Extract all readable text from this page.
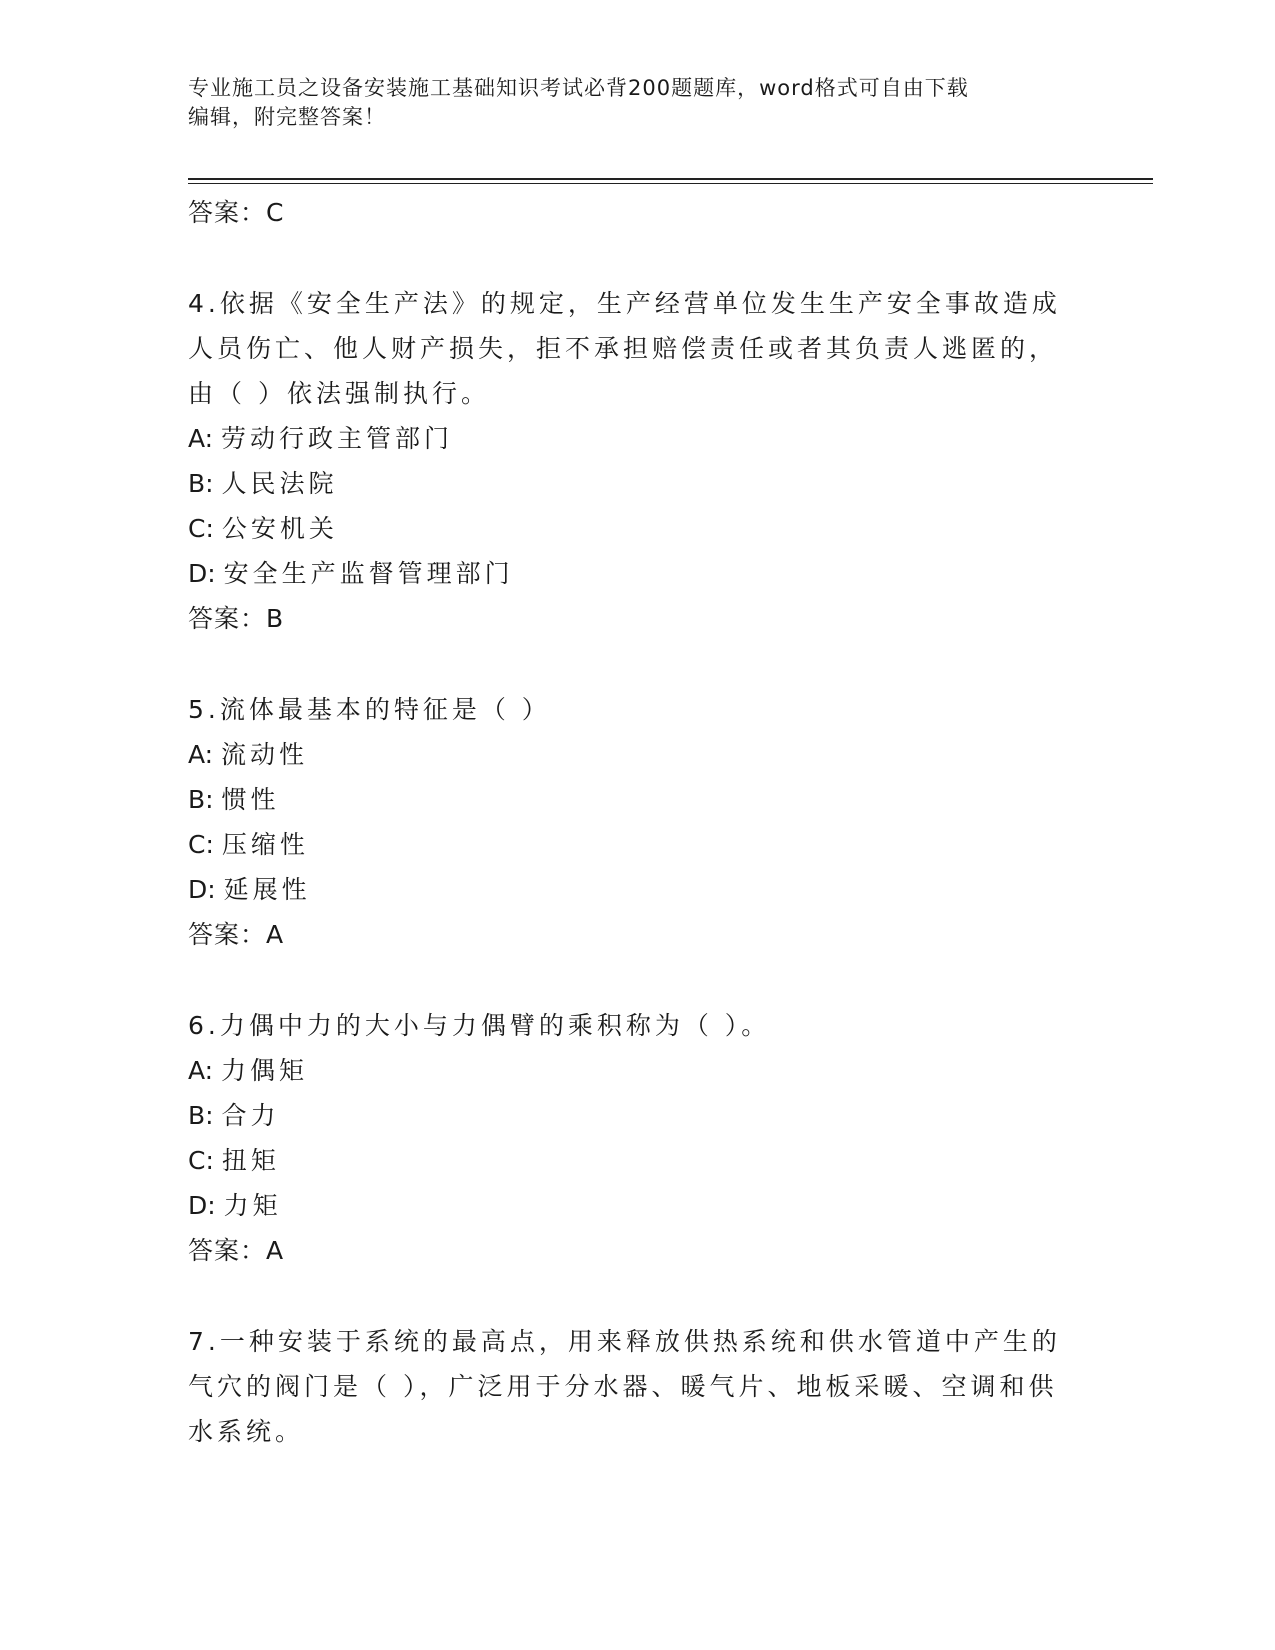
专业施工员之设备安装施工基础知识考试必背200题题库，word格式可自由下载
编辑，附完整答案！
答案：C
4.依据《安全生产法》的规定，生产经营单位发生生产安全事故造成
人员伤亡、他人财产损失，拒不承担赔偿责任或者其负责人逃匿的，
由（ ）依法强制执行。
A: 劳动行政主管部门
B: 人民法院
C: 公安机关
D: 安全生产监督管理部门
答案：B
5.流体最基本的特征是（ ）
A: 流动性
B: 惯性
C: 压缩性
D: 延展性
答案：A
6.力偶中力的大小与力偶臂的乘积称为（ ）。
A: 力偶矩
B: 合力
C: 扭矩
D: 力矩
答案：A
7.一种安装于系统的最高点，用来释放供热系统和供水管道中产生的
气穴的阀门是（ ），广泛用于分水器、暖气片、地板采暖、空调和供
水系统。
